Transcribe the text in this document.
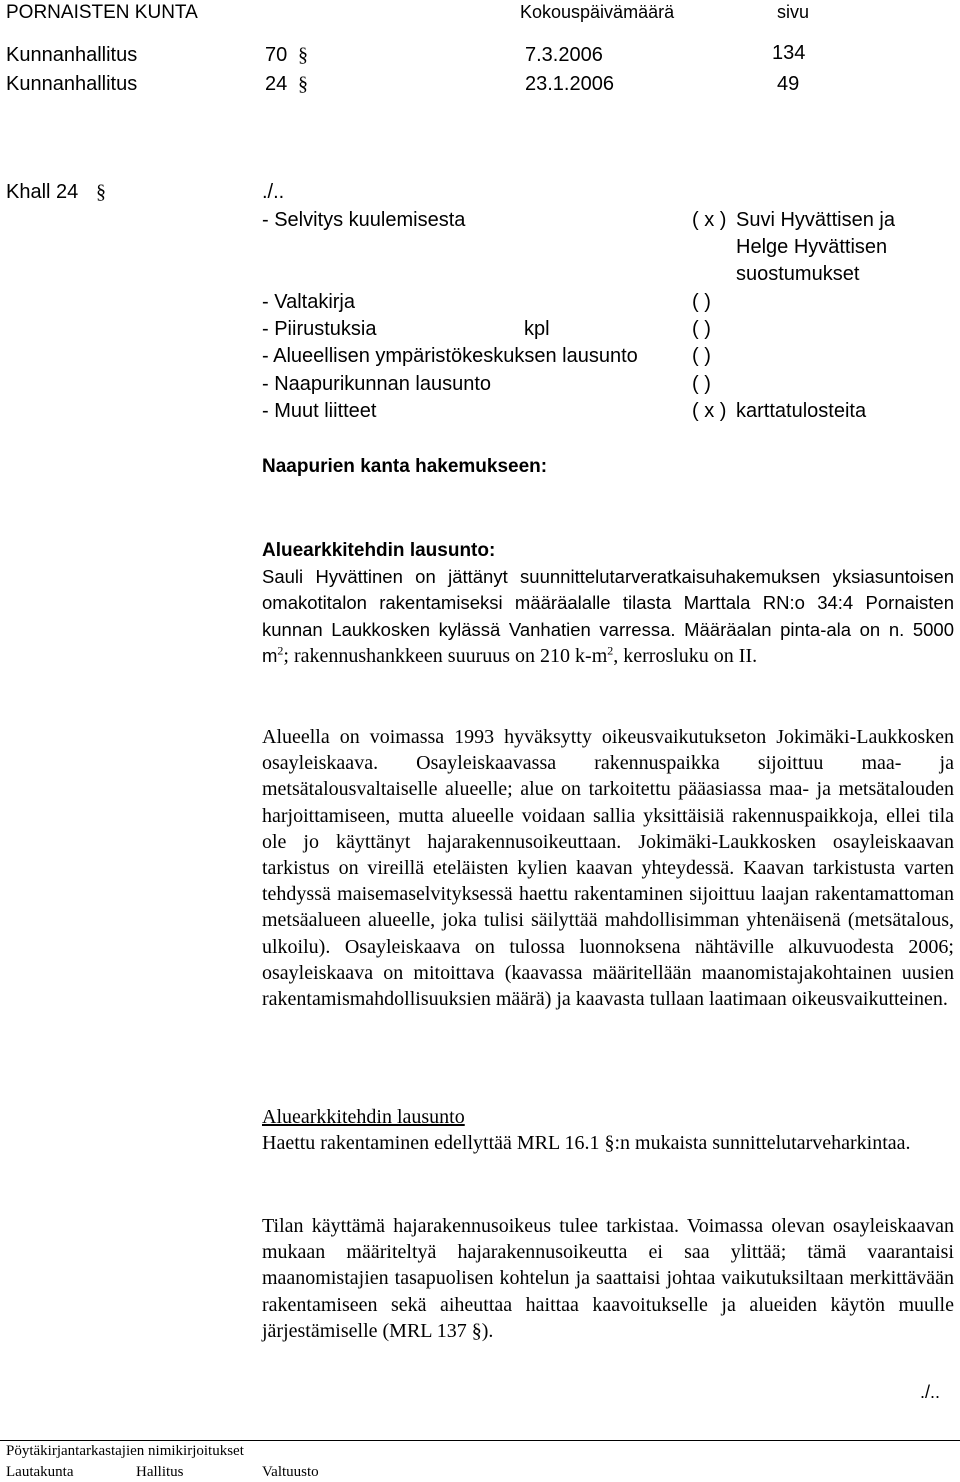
PORNAISTEN KUNTA	Kokouspäivämäärä	sivu
Kunnanhallitus	70 §	7.3.2006	134
Kunnanhallitus	24 §	23.1.2006	49
Khall 24 §	./..
- Selvitys kuulemisesta	( x ) Suvi Hyvättisen ja
Helge Hyvättisen
suostumukset
- Valtakirja	( )
- Piirustuksia	kpl	( )
- Alueellisen ympäristökeskuksen lausunto	( )
- Naapurikunnan lausunto	( )
- Muut liitteet	( x ) karttatulosteita
Naapurien kanta hakemukseen:
Aluearkkitehdin lausunto:

Sauli Hyvättinen on jättänyt suunnittelutarveratkaisuhakemuksen yksiasuntoisen omakotitalon rakentamiseksi määräalalle tilasta Marttala RN:o 34:4 Pornaisten kunnan Laukkosken kylässä Vanhatien varressa. Määräalan pinta-ala on n. 5000 $m^2$; rakennushankkeen suuruus on 210 $k-m^2$, kerrosluku on II.

Alueella on voimassa 1993 hyväksytty oikeusvaikutukseton Jokimäki-Laukkosken osayleiskaava. Osayleiskaavassa rakennuspaikka sijoittuu maa- ja metsätalousvaltaiselle alueelle; alue on tarkoitettu pääasiassa maa- ja metsätalouden harjoittamiseen, mutta alueelle voidaan sallia yksittäisiä rakennuspaikkoja, ellei tila ole jo käyttänyt hajarakennusoikeuttaan. Jokimäki-Laukkosken osayleiskaavan tarkistus on vireillä eteläisten kylien kaavan yhteydessä. Kaavan tarkistusta varten tehdyssä maisemaselvityksessä haettu rakentaminen sijoittuu laajan rakentamattoman metsäalueen alueelle, joka tulisi säilyttää mahdollisimman yhtenäisenä (metsätalous, ulkoilu). Osayleiskaava on tulossa luonnoksena nähtäville alkuvuodesta 2006; osayleiskaava on mitoittava (kaavassa määritellään maanomistajakohtainen uusien rakentamismahdollisuuksien määrä) ja kaavasta tullaan laatimaan oikeusvaikutteinen.

Aluearkkitehdin lausunto

Haettu rakentaminen edellyttää MRL 16.1 §:n mukaista sunnittelutarveharkintaa.

Tilan käyttämä hajarakennusoikeus tulee tarkistaa. Voimassa olevan osayleiskaavan mukaan määriteltyä hajarakennusoikeutta ei saa ylittää; tämä vaarantaisi maanomistajien tasapuolisen kohtelun ja saattaisi johtaa vaikutuksiltaan merkittävään rakentamiseen sekä aiheuttaa haittaa kaavoitukselle ja alueiden käytön muulle järjestämiselle (MRL 137 §).

./..
Pöytäkirjantarkastajien nimikirjoitukset
Lautakunta	Hallitus	Valtuusto
